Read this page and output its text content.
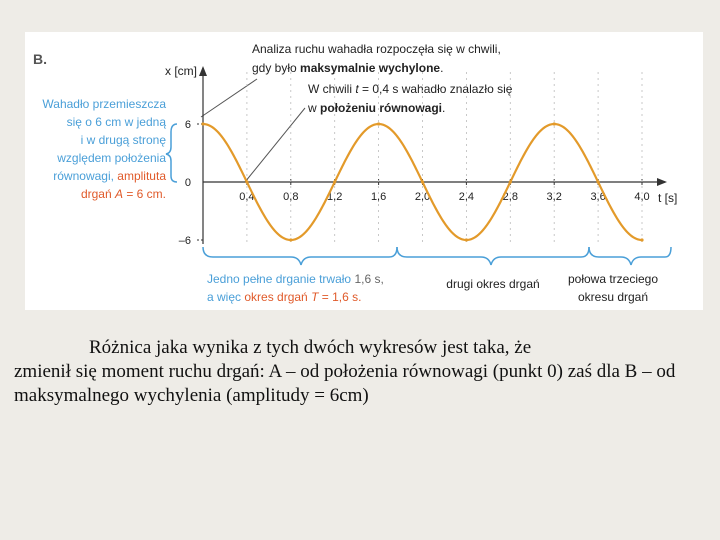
B.
Analiza ruchu wahadła rozpoczęła się w chwili,
gdy było maksymalnie wychylone.
W chwili t = 0,4 s wahadło znalazło się
w położeniu równowagi.
Wahadło przemieszcza
się o 6 cm w jedną
i w drugą stronę
względem położenia
równowagi, amplituta
drgań A = 6 cm.
x [cm]
t [s]
6
0
–6
0,4	0,8	1,2	1,6	2,0	2,4	2,8	3,2	3,6	4,0
Jedno pełne drganie trwało 1,6 s,
a więc okres drgań T = 1,6 s.
drugi okres drgań połowa trzeciego
okresu drgań

Różnica jaka wynika z tych dwóch wykresów jest taka, że
zmienił się moment ruchu drgań: A – od położenia równowagi (punkt 0) zaś dla B – od maksymalnego wychylenia (amplitudy = 6cm)
